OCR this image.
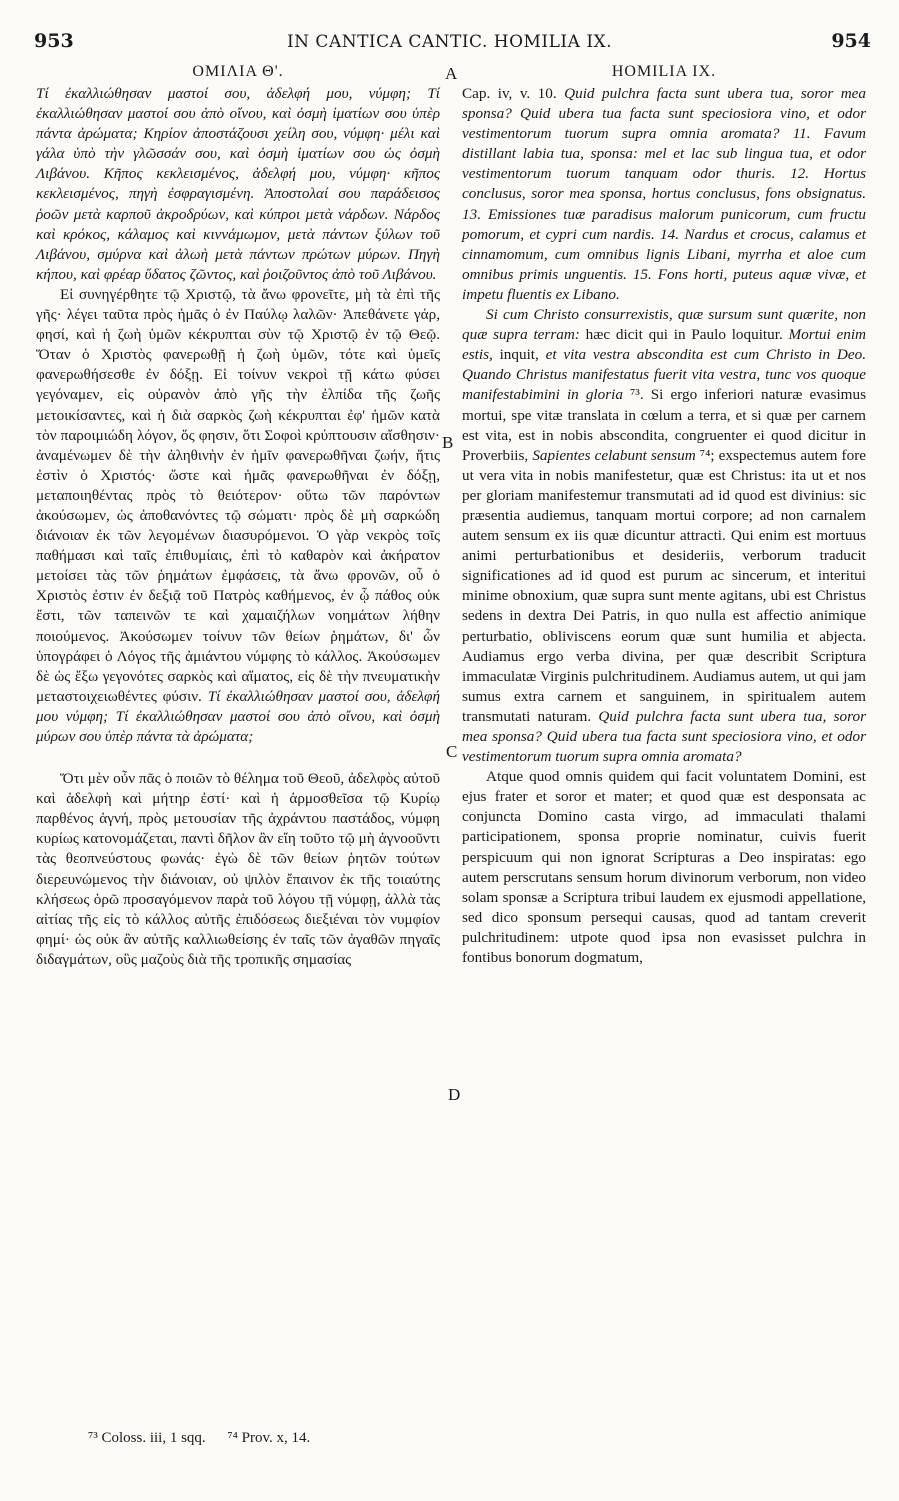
953	IN CANTICA CANTIC. HOMILIA IX.	954
A
B
C
D
ΟΜΙΛΙΑ Θ'.

Τί ἐκαλλιώθησαν μαστοί σου, ἀδελφή μου, νύμφη; Τί ἐκαλλιώθησαν μαστοί σου ἀπὸ οἴνου, καὶ ὀσμὴ ἱματίων σου ὑπὲρ πάντα ἀρώματα; Κηρίον ἀποστάζουσι χείλη σου, νύμφη· μέλι καὶ γάλα ὑπὸ τὴν γλῶσσάν σου, καὶ ὀσμὴ ἱματίων σου ὡς ὀσμὴ Λιβάνου. Κῆπος κεκλεισμένος, ἀδελφή μου, νύμφη· κῆπος κεκλεισμένος, πηγὴ ἐσφραγισμένη. Ἀποστολαί σου παράδεισος ῥοῶν μετὰ καρποῦ ἀκροδρύων, καὶ κύπροι μετὰ νάρδων. Νάρδος καὶ κρόκος, κάλαμος καὶ κιννάμωμον, μετὰ πάντων ξύλων τοῦ Λιβάνου, σμύρνα καὶ ἀλωὴ μετὰ πάντων πρώτων μύρων. Πηγὴ κήπου, καὶ φρέαρ ὕδατος ζῶντος, καὶ ῥοιζοῦντος ἀπὸ τοῦ Λιβάνου.

Εἰ συνηγέρθητε τῷ Χριστῷ, τὰ ἄνω φρονεῖτε, μὴ τὰ ἐπὶ τῆς γῆς· λέγει ταῦτα πρὸς ἡμᾶς ὁ ἐν Παύλῳ λαλῶν· Ἀπεθάνετε γάρ, φησί, καὶ ἡ ζωὴ ὑμῶν κέκρυπται σὺν τῷ Χριστῷ ἐν τῷ Θεῷ. Ὅταν ὁ Χριστὸς φανερωθῇ ἡ ζωὴ ὑμῶν, τότε καὶ ὑμεῖς φανερωθήσεσθε ἐν δόξῃ. Εἰ τοίνυν νεκροὶ τῇ κάτω φύσει γεγόναμεν, εἰς οὐρανὸν ἀπὸ γῆς τὴν ἐλπίδα τῆς ζωῆς μετοικίσαντες, καὶ ἡ διὰ σαρκὸς ζωὴ κέκρυπται ἐφ' ἡμῶν κατὰ τὸν παροιμιώδη λόγον, ὅς φησιν, ὅτι Σοφοὶ κρύπτουσιν αἴσθησιν· ἀναμένωμεν δὲ τὴν ἀληθινὴν ἐν ἡμῖν φανερωθῆναι ζωήν, ἥτις ἐστὶν ὁ Χριστός· ὥστε καὶ ἡμᾶς φανερωθῆναι ἐν δόξῃ, μεταποιηθέντας πρὸς τὸ θειότερον· οὕτω τῶν παρόντων ἀκούσωμεν, ὡς ἀποθανόντες τῷ σώματι· πρὸς δὲ μὴ σαρκώδη διάνοιαν ἐκ τῶν λεγομένων διασυρόμενοι. Ὁ γὰρ νεκρὸς τοῖς παθήμασι καὶ ταῖς ἐπιθυμίαις, ἐπὶ τὸ καθαρὸν καὶ ἀκήρατον μετοίσει τὰς τῶν ῥημάτων ἐμφάσεις, τὰ ἄνω φρονῶν, οὗ ὁ Χριστὸς ἐστιν ἐν δεξιᾷ τοῦ Πατρὸς καθήμενος, ἐν ᾧ πάθος οὐκ ἔστι, τῶν ταπεινῶν τε καὶ χαμαιζήλων νοημάτων λήθην ποιούμενος. Ἀκούσωμεν τοίνυν τῶν θείων ῥημάτων, δι' ὧν ὑπογράφει ὁ Λόγος τῆς ἀμιάντου νύμφης τὸ κάλλος. Ἀκούσωμεν δὲ ὡς ἔξω γεγονότες σαρκὸς καὶ αἵματος, εἰς δὲ τὴν πνευματικὴν μεταστοιχειωθέντες φύσιν. Τί ἐκαλλιώθησαν μαστοί σου, ἀδελφή μου νύμφη; Τί ἐκαλλιώθησαν μαστοί σου ἀπὸ οἴνου, καὶ ὀσμὴ μύρων σου ὑπὲρ πάντα τὰ ἀρώματα;

Ὅτι μὲν οὖν πᾶς ὁ ποιῶν τὸ θέλημα τοῦ Θεοῦ, ἀδελφὸς αὐτοῦ καὶ ἀδελφὴ καὶ μήτηρ ἐστί· καὶ ἡ ἁρμοσθεῖσα τῷ Κυρίῳ παρθένος ἁγνή, πρὸς μετουσίαν τῆς ἀχράντου παστάδος, νύμφη κυρίως κατονομάζεται, παντὶ δῆλον ἂν εἴη τοῦτο τῷ μὴ ἀγνοοῦντι τὰς θεοπνεύστους φωνάς· ἐγὼ δὲ τῶν θείων ῥητῶν τούτων διερευνώμενος τὴν διάνοιαν, οὐ ψιλὸν ἔπαινον ἐκ τῆς τοιαύτης κλήσεως ὁρῶ προσαγόμενον παρὰ τοῦ λόγου τῇ νύμφῃ, ἀλλὰ τὰς αἰτίας τῆς εἰς τὸ κάλλος αὐτῆς ἐπιδόσεως διεξιέναι τὸν νυμφίον φημί· ὡς οὐκ ἂν αὐτῆς καλλιωθείσης ἐν ταῖς τῶν ἀγαθῶν πηγαῖς διδαγμάτων, οὓς μαζοὺς διὰ τῆς τροπικῆς σημασίας

HOMILIA IX.

Cap. iv, v. 10. Quid pulchra facta sunt ubera tua, soror mea sponsa? Quid ubera tua facta sunt speciosiora vino, et odor vestimentorum tuorum supra omnia aromata? 11. Favum distillant labia tua, sponsa: mel et lac sub lingua tua, et odor vestimentorum tuorum tanquam odor thuris. 12. Hortus conclusus, soror mea sponsa, hortus conclusus, fons obsignatus. 13. Emissiones tuæ paradisus malorum punicorum, cum fructu pomorum, et cypri cum nardis. 14. Nardus et crocus, calamus et cinnamomum, cum omnibus lignis Libani, myrrha et aloe cum omnibus primis unguentis. 15. Fons horti, puteus aquæ vivæ, et impetu fluentis ex Libano.

Si cum Christo consurrexistis, quæ sursum sunt quærite, non quæ supra terram: hæc dicit qui in Paulo loquitur. Mortui enim estis, inquit, et vita vestra abscondita est cum Christo in Deo. Quando Christus manifestatus fuerit vita vestra, tunc vos quoque manifestabimini in gloria ⁷³. Si ergo inferiori naturæ evasimus mortui, spe vitæ translata in cœlum a terra, et si quæ per carnem est vita, est in nobis abscondita, congruenter ei quod dicitur in Proverbiis, Sapientes celabunt sensum ⁷⁴; exspectemus autem fore ut vera vita in nobis manifestetur, quæ est Christus: ita ut et nos per gloriam manifestemur transmutati ad id quod est divinius: sic præsentia audiemus, tanquam mortui corpore; ad non carnalem autem sensum ex iis quæ dicuntur attracti. Qui enim est mortuus animi perturbationibus et desideriis, verborum traducit significationes ad id quod est purum ac sincerum, et interitui minime obnoxium, quæ supra sunt mente agitans, ubi est Christus sedens in dextra Dei Patris, in quo nulla est affectio animique perturbatio, obliviscens eorum quæ sunt humilia et abjecta. Audiamus ergo verba divina, per quæ describit Scriptura immaculatæ Virginis pulchritudinem. Audiamus autem, ut qui jam sumus extra carnem et sanguinem, in spiritualem autem transmutati naturam. Quid pulchra facta sunt ubera tua, soror mea sponsa? Quid ubera tua facta sunt speciosiora vino, et odor vestimentorum tuorum supra omnia aromata?

Atque quod omnis quidem qui facit voluntatem Domini, est ejus frater et soror et mater; et quod quæ est desponsata ac conjuncta Domino casta virgo, ad immaculati thalami participationem, sponsa proprie nominatur, cuivis fuerit perspicuum qui non ignorat Scripturas a Deo inspiratas: ego autem perscrutans sensum horum divinorum verborum, non video solam sponsæ a Scriptura tribui laudem ex ejusmodi appellatione, sed dico sponsum persequi causas, quod ad tantam creverit pulchritudinem: utpote quod ipsa non evasisset pulchra in fontibus bonorum dogmatum,

⁷³ Coloss. iii, 1 sqq. ⁷⁴ Prov. x, 14.
